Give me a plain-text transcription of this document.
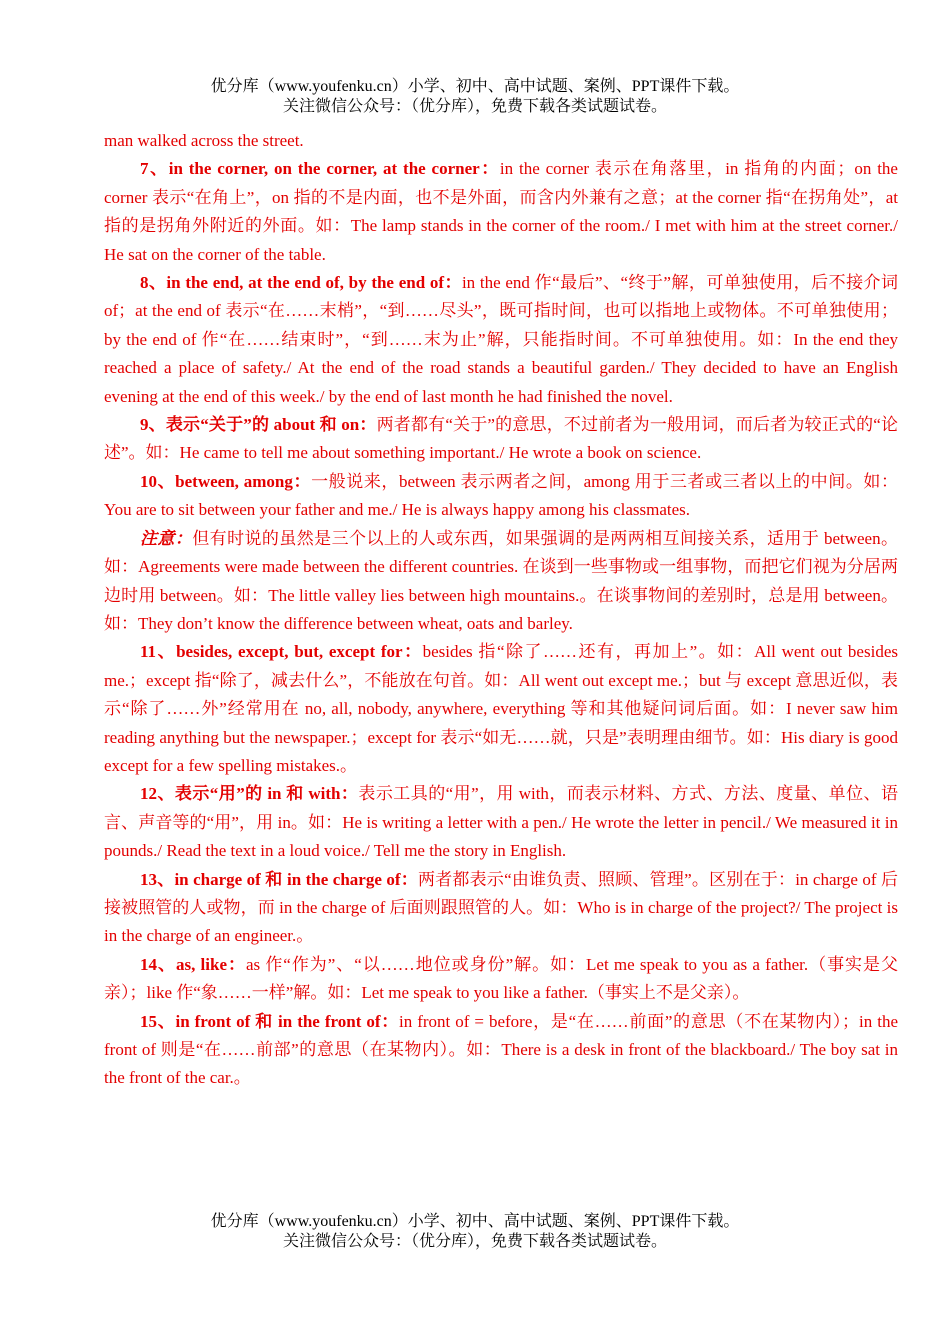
优分库（www.youfenku.cn）小学、初中、高中试题、案例、PPT课件下载。
关注微信公众号：（优分库），免费下载各类试题试卷。

man walked across the street.

7、in the corner, on the corner, at the corner：in the corner 表示在角落里，in 指角的内面；on the corner 表示“在角上”，on 指的不是内面，也不是外面，而含内外兼有之意；at the corner 指“在拐角处”，at 指的是拐角外附近的外面。如：The lamp stands in the corner of the room./ I met with him at the street corner./ He sat on the corner of the table.

8、in the end, at the end of, by the end of：in the end 作“最后”、“终于”解，可单独使用，后不接介词 of；at the end of 表示“在……末梢”，“到……尽头”，既可指时间，也可以指地上或物体。不可单独使用；by the end of 作“在……结束时”，“到……末为止”解，只能指时间。不可单独使用。如：In the end they reached a place of safety./ At the end of the road stands a beautiful garden./ They decided to have an English evening at the end of this week./ by the end of last month he had finished the novel.

9、表示“关于”的 about 和 on：两者都有“关于”的意思，不过前者为一般用词，而后者为较正式的“论述”。如：He came to tell me about something important./ He wrote a book on science.

10、between, among：一般说来，between 表示两者之间，among 用于三者或三者以上的中间。如：You are to sit between your father and me./ He is always happy among his classmates.

注意：但有时说的虽然是三个以上的人或东西，如果强调的是两两相互间接关系，适用于 between。如：Agreements were made between the different countries. 在谈到一些事物或一组事物，而把它们视为分居两边时用 between。如：The little valley lies between high mountains.。在谈事物间的差别时，总是用 between。如：They don’t know the difference between wheat, oats and barley.

11、besides, except, but, except for：besides 指“除了……还有，再加上”。如：All went out besides me.；except 指“除了，减去什么”，不能放在句首。如：All went out except me.；but 与 except 意思近似，表示“除了……外”经常用在 no, all, nobody, anywhere, everything 等和其他疑问词后面。如：I never saw him reading anything but the newspaper.；except for 表示“如无……就，只是”表明理由细节。如：His diary is good except for a few spelling mistakes.。

12、表示“用”的 in 和 with：表示工具的“用”，用 with，而表示材料、方式、方法、度量、单位、语言、声音等的“用”，用 in。如：He is writing a letter with a pen./ He wrote the letter in pencil./ We measured it in pounds./ Read the text in a loud voice./ Tell me the story in English.

13、in charge of 和 in the charge of：两者都表示“由谁负责、照顾、管理”。区别在于：in charge of 后接被照管的人或物，而 in the charge of 后面则跟照管的人。如：Who is in charge of the project?/ The project is in the charge of an engineer.。

14、as, like：as 作“作为”、“以……地位或身份”解。如：Let me speak to you as a father.（事实是父亲）；like 作“象……一样”解。如：Let me speak to you like a father.（事实上不是父亲）。

15、in front of 和 in the front of：in front of = before，是“在……前面”的意思（不在某物内）；in the front of 则是“在……前部”的意思（在某物内）。如：There is a desk in front of the blackboard./ The boy sat in the front of the car.。

优分库（www.youfenku.cn）小学、初中、高中试题、案例、PPT课件下载。
关注微信公众号：（优分库），免费下载各类试题试卷。
